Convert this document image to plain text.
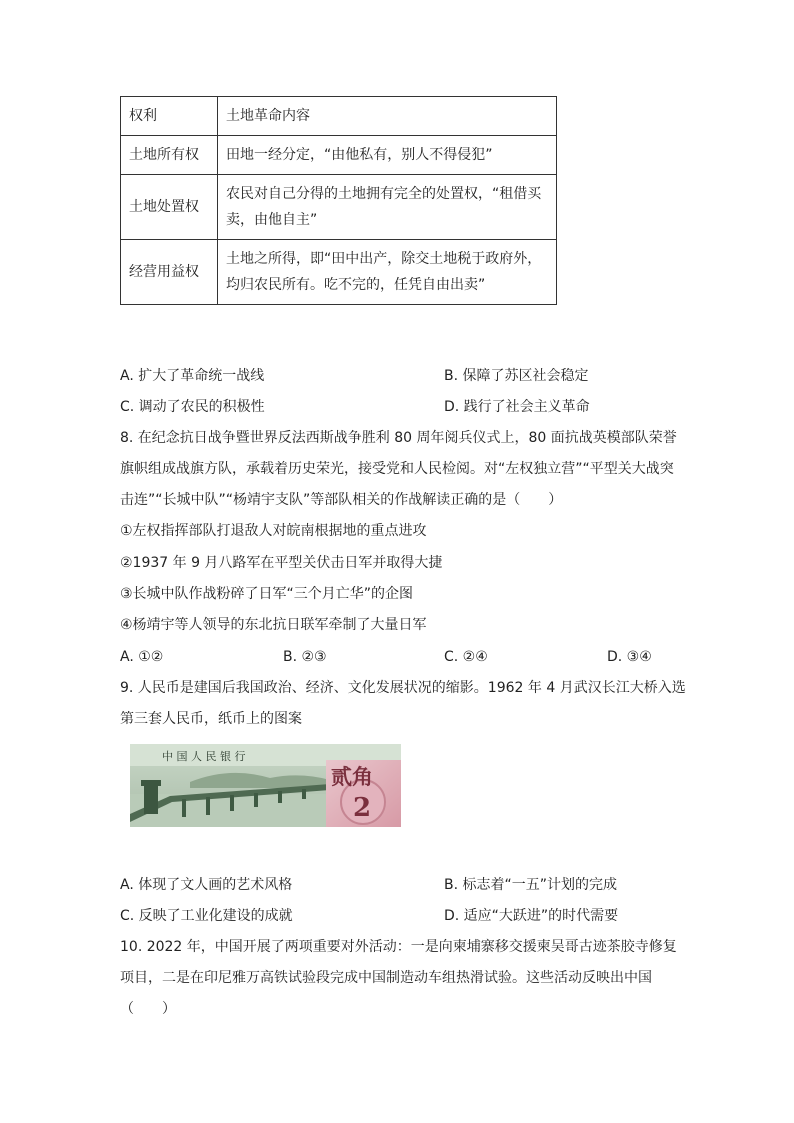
权利	土地革命内容
土地所有权	田地一经分定，“由他私有，别人不得侵犯”
土地处置权	农民对自己分得的土地拥有完全的处置权，“租借买卖，由他自主”
经营用益权	土地之所得，即“田中出产，除交土地税于政府外，均归农民所有。吃不完的，任凭自由出卖”
A. 扩大了革命统一战线	B. 保障了苏区社会稳定
C. 调动了农民的积极性	D. 践行了社会主义革命
8. 在纪念抗日战争暨世界反法西斯战争胜利 80 周年阅兵仪式上，80 面抗战英模部队荣誉
旗帜组成战旗方队，承载着历史荣光，接受党和人民检阅。对“左权独立营”“平型关大战突
击连”“长城中队”“杨靖宇支队”等部队相关的作战解读正确的是（　　）
①左权指挥部队打退敌人对皖南根据地的重点进攻
②1937 年 9 月八路军在平型关伏击日军并取得大捷
③长城中队作战粉碎了日军“三个月亡华”的企图
④杨靖宇等人领导的东北抗日联军牵制了大量日军
A. ①②	B. ②③	C. ②④	D. ③④
9. 人民币是建国后我国政治、经济、文化发展状况的缩影。1962 年 4 月武汉长江大桥入选
第三套人民币，纸币上的图案
中 国 人 民 银 行
贰角
2
A. 体现了文人画的艺术风格	B. 标志着“一五”计划的完成
C. 反映了工业化建设的成就	D. 适应“大跃进”的时代需要
10. 2022 年，中国开展了两项重要对外活动：一是向柬埔寨移交援柬吴哥古迹茶胶寺修复
项目，二是在印尼雅万高铁试验段完成中国制造动车组热滑试验。这些活动反映出中国
（　　）
